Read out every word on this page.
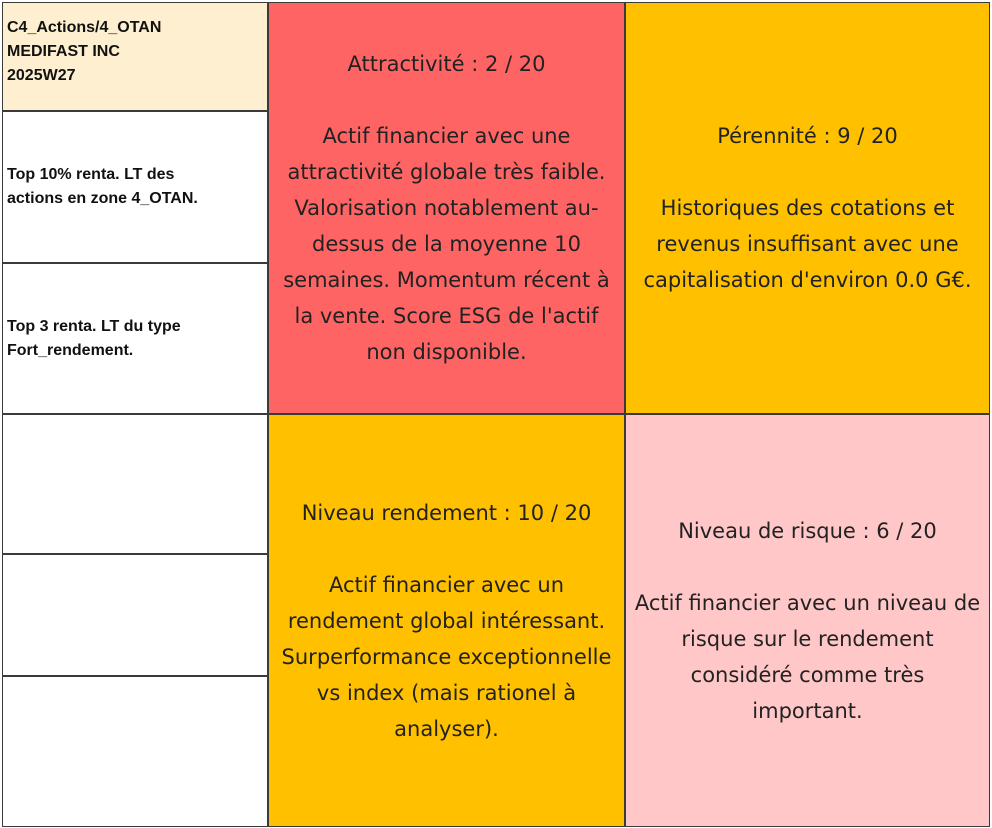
C4_Actions/4_OTAN
MEDIFAST INC
2025W27
Top 10% renta. LT des
actions en zone 4_OTAN.
Top 3 renta. LT du type
Fort_rendement.
Attractivité : 2 / 20
Actif financier avec une
attractivité globale très faible.
Valorisation notablement au-
dessus de la moyenne 10
semaines. Momentum récent à
la vente. Score ESG de l'actif
non disponible.
Pérennité : 9 / 20
Historiques des cotations et
revenus insuffisant avec une
capitalisation d'environ 0.0 G€.
Niveau rendement : 10 / 20
Actif financier avec un
rendement global intéressant.
Surperformance exceptionnelle
vs index (mais rationel à
analyser).
Niveau de risque : 6 / 20
Actif financier avec un niveau de
risque sur le rendement
considéré comme très
important.
